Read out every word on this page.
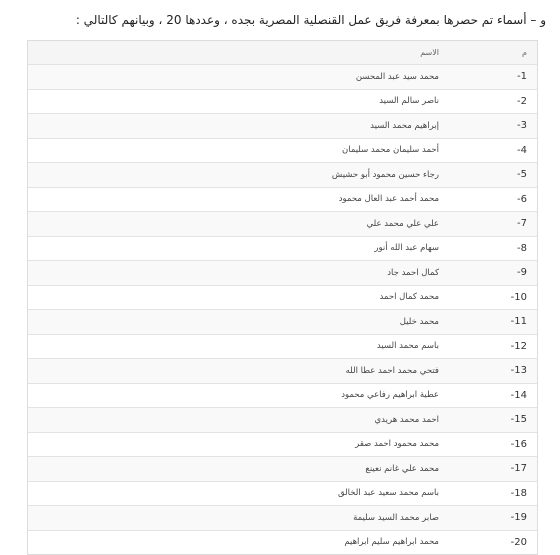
و – أسماء تم حصرها بمعرفة فريق عمل القنصلية المصرية بجده ، وعددها 20 ، وبيانهم كالتالي :
م	الاسم
1-	محمد سيد عبد المحسن
2-	ناصر سالم السيد
3-	إبراهيم محمد السيد
4-	أحمد سليمان محمد سليمان
5-	رجاء حسين محمود أبو حشيش
6-	محمد أحمد عبد العال محمود
7-	علي علي محمد علي
8-	سهام عبد الله أنور
9-	كمال احمد جاد
10-	محمد كمال احمد
11-	محمد خليل
12-	باسم محمد السيد
13-	فتحي محمد احمد عطا الله
14-	عطية ابراهيم رفاعي محمود
15-	احمد محمد هريدي
16-	محمد محمود احمد صقر
17-	محمد علي غانم نعينع
18-	باسم محمد سعيد عبد الخالق
19-	صابر محمد السيد سليمة
20-	محمد ابراهيم سليم ابراهيم
